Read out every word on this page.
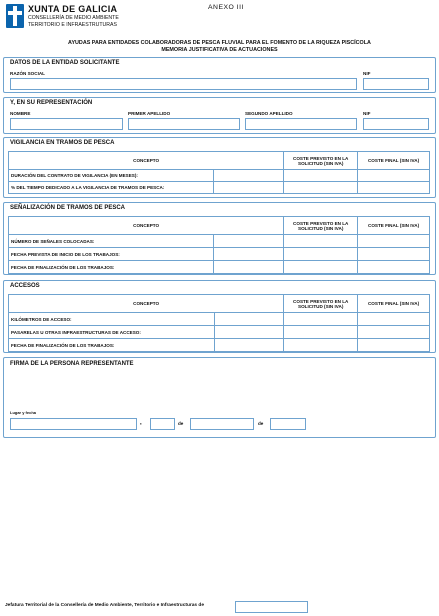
XUNTA DE GALICIA
CONSELLERÍA DE MEDIO AMBIENTE
TERRITORIO E INFRAESTRUTURAS
ANEXO III
AYUDAS PARA ENTIDADES COLABORADORAS DE PESCA FLUVIAL PARA EL FOMENTO DE LA RIQUEZA PISCÍCOLA
MEMORIA JUSTIFICATIVA DE ACTUACIONES
DATOS DE LA ENTIDAD SOLICITANTE
RAZÓN SOCIAL	NIF
Y, EN SU REPRESENTACIÓN
NOMBRE	PRIMER APELLIDO	SEGUNDO APELLIDO	NIF
VIGILANCIA EN TRAMOS DE PESCA
CONCEPTO		COSTE PREVISTO EN LA
SOLICITUD (SIN IVA)	COSTE FINAL (SIN IVA)
DURACIÓN DEL CONTRATO DE VIGILANCIA (EN MESES):			
% DEL TIEMPO DEDICADO A LA VIGILANCIA DE TRAMOS DE PESCA:			
SEÑALIZACIÓN DE TRAMOS DE PESCA
CONCEPTO		COSTE PREVISTO EN LA
SOLICITUD (SIN IVA)	COSTE FINAL (SIN IVA)
NÚMERO DE SEÑALES COLOCADAS:			
FECHA PREVISTA DE INICIO DE LOS TRABAJOS:			
FECHA DE FINALIZACIÓN DE LOS TRABAJOS:			
ACCESOS
CONCEPTO		COSTE PREVISTO EN LA
SOLICITUD (SIN IVA)	COSTE FINAL (SIN IVA)
KILÓMETROS DE ACCESO:			
PASARELAS U OTRAS INFRAESTRUCTURAS DE ACCESO:			
FECHA DE FINALIZACIÓN DE LOS TRABAJOS:			
FIRMA DE LA PERSONA REPRESENTANTE
Lugar y fecha
,	de	de
Jefatura Territorial de la Consellería de Medio Ambiente, Territorio e Infraestructuras de
